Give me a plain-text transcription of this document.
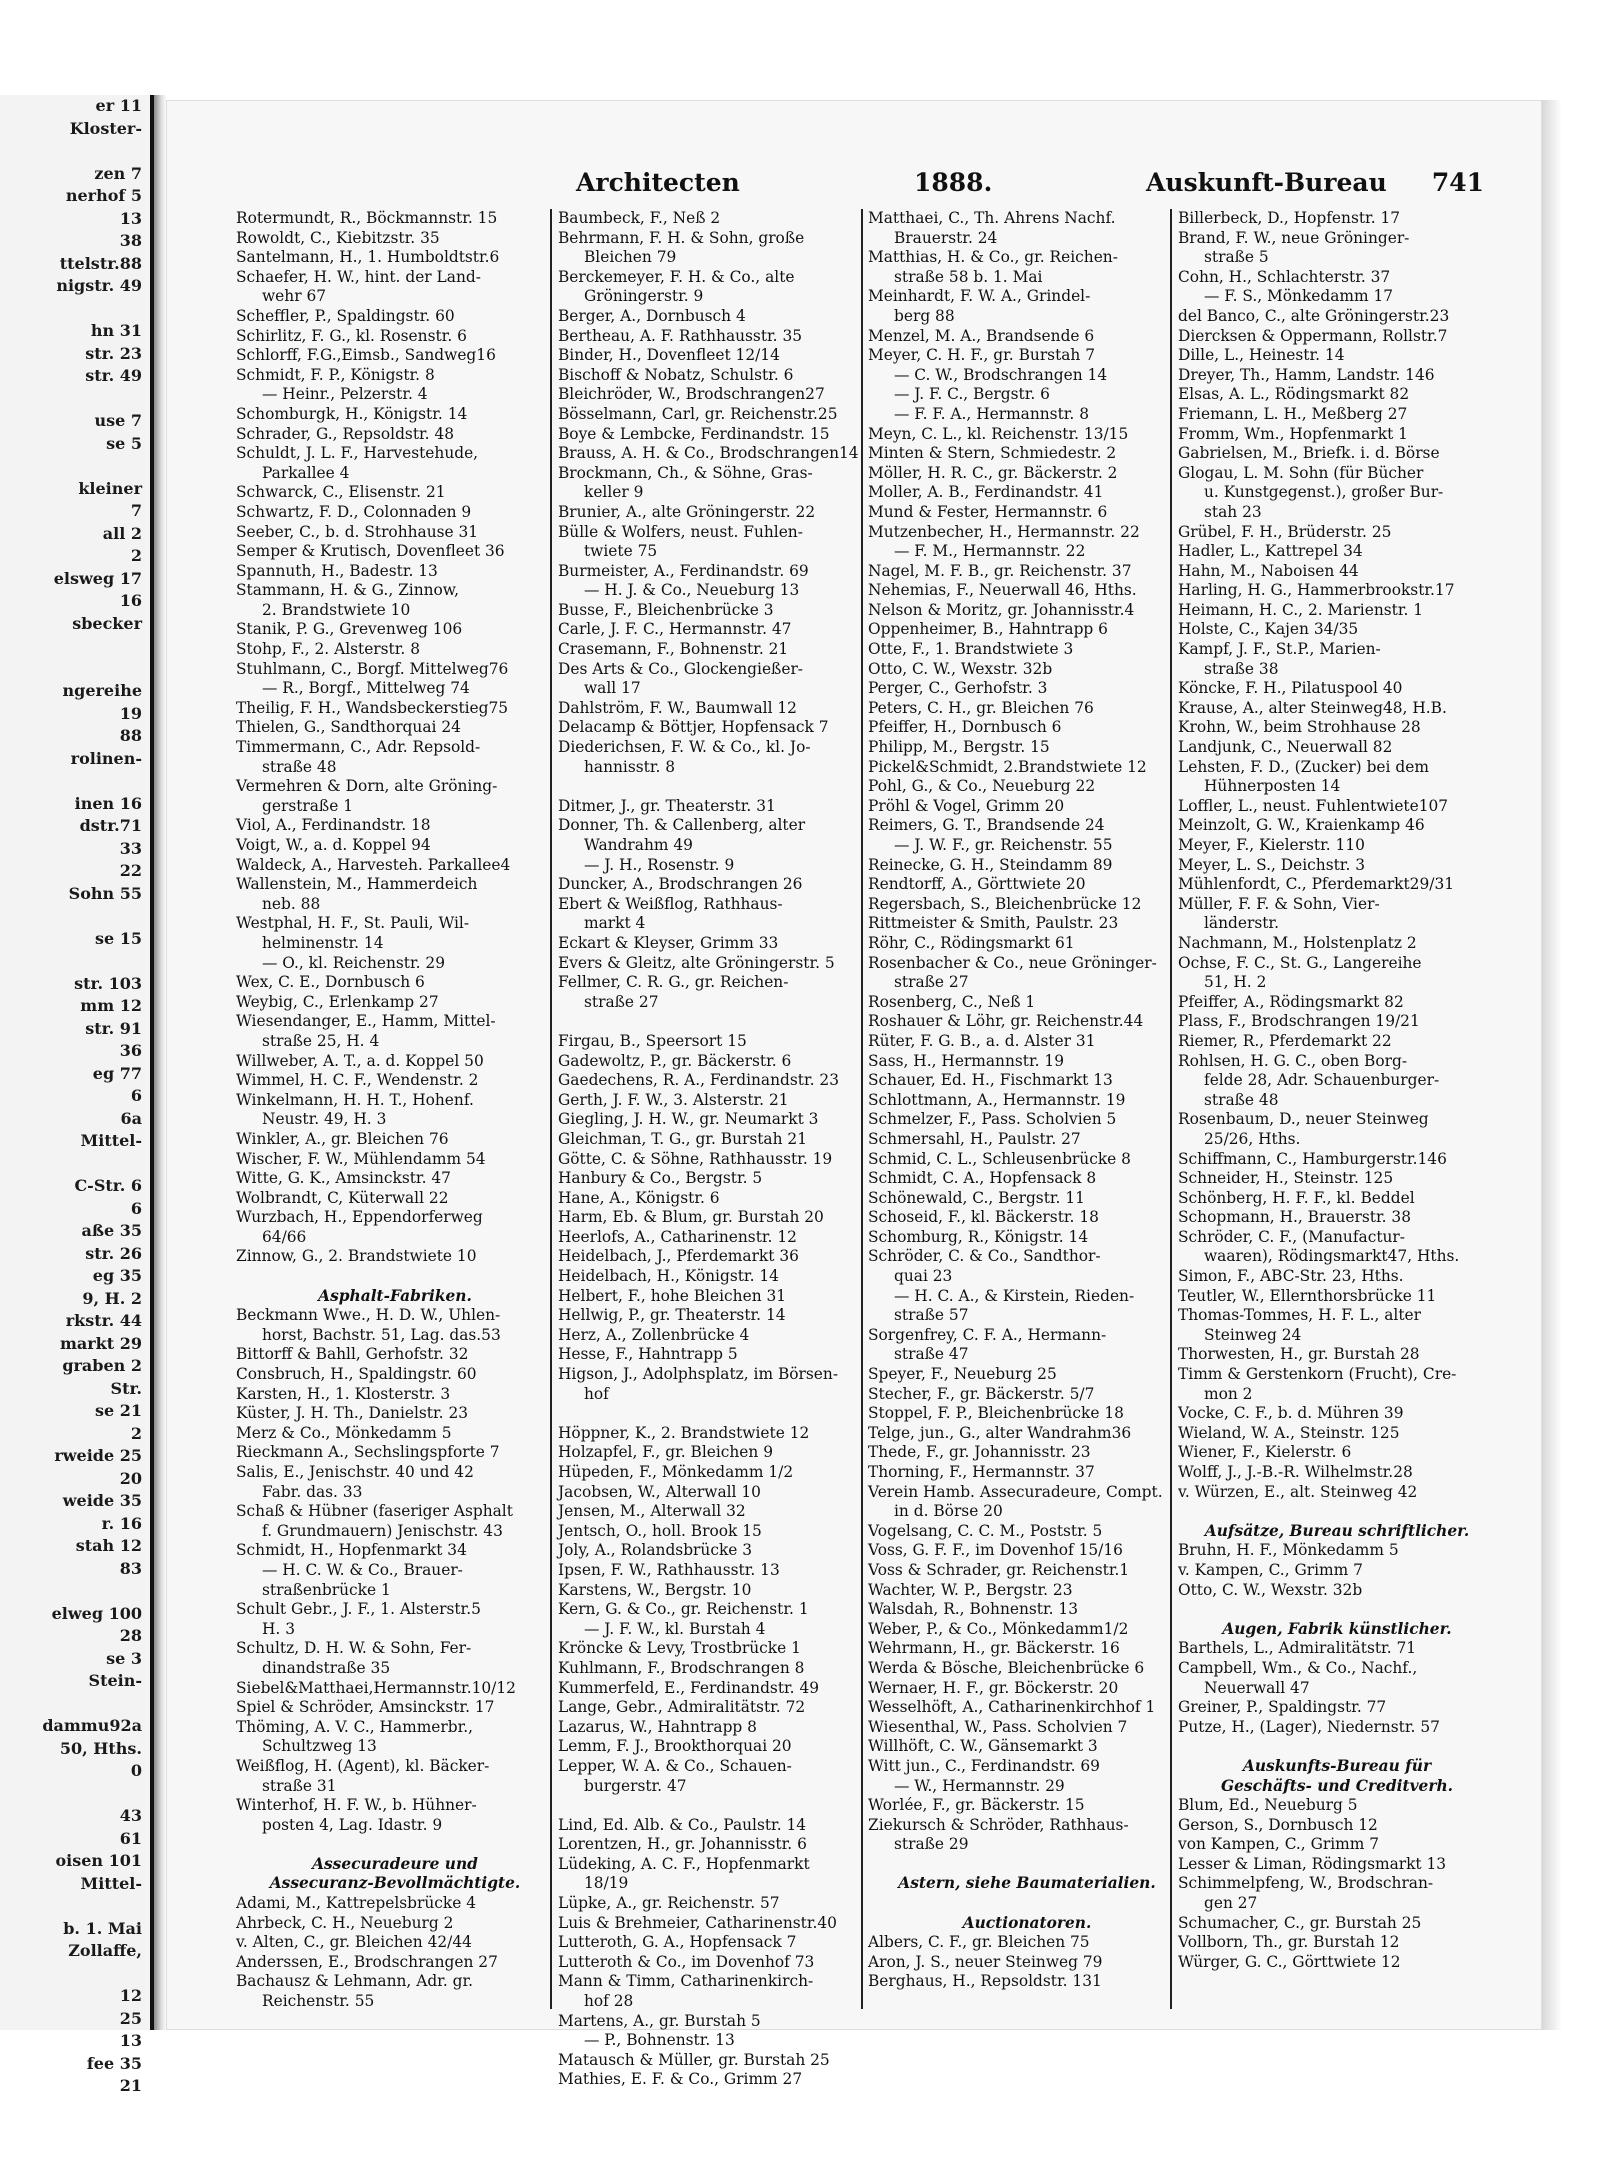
er 11
Kloster-

zen 7
nerhof 5
13
38
ttelstr.88
nigstr. 49

hn 31
str. 23
str. 49

use 7
se 5

kleiner
7
all 2
2
elsweg 17
16
sbecker

ngereihe
19
88
rolinen-

inen 16
dstr.71
33
22
Sohn 55

se 15

str. 103
mm 12
str. 91
36
eg 77
6
6a
Mittel-

C-Str. 6
6
aße 35
str. 26
eg 35
9, H. 2
rkstr. 44
markt 29
graben 2
Str.
se 21
2
rweide 25
20
weide 35
r. 16
stah 12
83

elweg 100
28
se 3
Stein-

dammu92a
50, Hths.
0

43
61
oisen 101
Mittel-

b. 1. Mai
Zollaffe,

12
25
13
fee 35
21
Architecten	1888.	Auskunft-Bureau 741
Rotermundt, R., Böckmannstr. 15
Rowoldt, C., Kiebitzstr. 35
Santelmann, H., 1. Humboldtstr.6
Schaefer, H. W., hint. der Land-
wehr 67
Scheffler, P., Spaldingstr. 60
Schirlitz, F. G., kl. Rosenstr. 6
Schlorff, F.G.,Eimsb., Sandweg16
Schmidt, F. P., Königstr. 8
— Heinr., Pelzerstr. 4
Schomburgk, H., Königstr. 14
Schrader, G., Repsoldstr. 48
Schuldt, J. L. F., Harvestehude,
Parkallee 4
Schwarck, C., Elisenstr. 21
Schwartz, F. D., Colonnaden 9
Seeber, C., b. d. Strohhause 31
Semper & Krutisch, Dovenfleet 36
Spannuth, H., Badestr. 13
Stammann, H. & G., Zinnow,
2. Brandstwiete 10
Stanik, P. G., Grevenweg 106
Stohp, F., 2. Alsterstr. 8
Stuhlmann, C., Borgf. Mittelweg76
— R., Borgf., Mittelweg 74
Theilig, F. H., Wandsbeckerstieg75
Thielen, G., Sandthorquai 24
Timmermann, C., Adr. Repsold-
straße 48
Vermehren & Dorn, alte Gröning-
gerstraße 1
Viol, A., Ferdinandstr. 18
Voigt, W., a. d. Koppel 94
Waldeck, A., Harvesteh. Parkallee4
Wallenstein, M., Hammerdeich
neb. 88
Westphal, H. F., St. Pauli, Wil-
helminenstr. 14
— O., kl. Reichenstr. 29
Wex, C. E., Dornbusch 6
Weybig, C., Erlenkamp 27
Wiesendanger, E., Hamm, Mittel-
straße 25, H. 4
Willweber, A. T., a. d. Koppel 50
Wimmel, H. C. F., Wendenstr. 2
Winkelmann, H. H. T., Hohenf.
Neustr. 49, H. 3
Winkler, A., gr. Bleichen 76
Wischer, F. W., Mühlendamm 54
Witte, G. K., Amsinckstr. 47
Wolbrandt, C, Küterwall 22
Wurzbach, H., Eppendorferweg
64/66
Zinnow, G., 2. Brandstwiete 10

Asphalt-Fabriken.
Beckmann Wwe., H. D. W., Uhlen-
horst, Bachstr. 51, Lag. das.53
Bittorff & Bahll, Gerhofstr. 32
Consbruch, H., Spaldingstr. 60
Karsten, H., 1. Klosterstr. 3
Küster, J. H. Th., Danielstr. 23
Merz & Co., Mönkedamm 5
Rieckmann A., Sechslingspforte 7
Salis, E., Jenischstr. 40 und 42
Fabr. das. 33
Schaß & Hübner (faseriger Asphalt
f. Grundmauern) Jenischstr. 43
Schmidt, H., Hopfenmarkt 34
— H. C. W. & Co., Brauer-
straßenbrücke 1
Schult Gebr., J. F., 1. Alsterstr.5
H. 3
Schultz, D. H. W. & Sohn, Fer-
dinandstraße 35
Siebel&Matthaei,Hermannstr.10/12
Spiel & Schröder, Amsinckstr. 17
Thöming, A. V. C., Hammerbr.,
Schultzweg 13
Weißflog, H. (Agent), kl. Bäcker-
straße 31
Winterhof, H. F. W., b. Hühner-
posten 4, Lag. Idastr. 9

Assecuradeure und
Assecuranz-Bevollmächtigte.
Adami, M., Kattrepelsbrücke 4
Ahrbeck, C. H., Neueburg 2
v. Alten, C., gr. Bleichen 42/44
Anderssen, E., Brodschrangen 27
Bachausz & Lehmann, Adr. gr.
Reichenstr. 55
Baumbeck, F., Neß 2
Behrmann, F. H. & Sohn, große
Bleichen 79
Berckemeyer, F. H. & Co., alte
Gröningerstr. 9
Berger, A., Dornbusch 4
Bertheau, A. F. Rathhausstr. 35
Binder, H., Dovenfleet 12/14
Bischoff & Nobatz, Schulstr. 6
Bleichröder, W., Brodschrangen27
Bösselmann, Carl, gr. Reichenstr.25
Boye & Lembcke, Ferdinandstr. 15
Brauss, A. H. & Co., Brodschrangen14
Brockmann, Ch., & Söhne, Gras-
keller 9
Brunier, A., alte Gröningerstr. 22
Bülle & Wolfers, neust. Fuhlen-
twiete 75
Burmeister, A., Ferdinandstr. 69
— H. J. & Co., Neueburg 13
Busse, F., Bleichenbrücke 3
Carle, J. F. C., Hermannstr. 47
Crasemann, F., Bohnenstr. 21
Des Arts & Co., Glockengießer-
wall 17
Dahlström, F. W., Baumwall 12
Delacamp & Böttjer, Hopfensack 7
Diederichsen, F. W. & Co., kl. Jo-
hannisstr. 8

Ditmer, J., gr. Theaterstr. 31
Donner, Th. & Callenberg, alter
Wandrahm 49
— J. H., Rosenstr. 9
Duncker, A., Brodschrangen 26
Ebert & Weißflog, Rathhaus-
markt 4
Eckart & Kleyser, Grimm 33
Evers & Gleitz, alte Gröningerstr. 5
Fellmer, C. R. G., gr. Reichen-
straße 27

Firgau, B., Speersort 15
Gadewoltz, P., gr. Bäckerstr. 6
Gaedechens, R. A., Ferdinandstr. 23
Gerth, J. F. W., 3. Alsterstr. 21
Giegling, J. H. W., gr. Neumarkt 3
Gleichman, T. G., gr. Burstah 21
Götte, C. & Söhne, Rathhausstr. 19
Hanbury & Co., Bergstr. 5
Hane, A., Königstr. 6
Harm, Eb. & Blum, gr. Burstah 20
Heerlofs, A., Catharinenstr. 12
Heidelbach, J., Pferdemarkt 36
Heidelbach, H., Königstr. 14
Helbert, F., hohe Bleichen 31
Hellwig, P., gr. Theaterstr. 14
Herz, A., Zollenbrücke 4
Hesse, F., Hahntrapp 5
Higson, J., Adolphsplatz, im Börsen-
hof

Höppner, K., 2. Brandstwiete 12
Holzapfel, F., gr. Bleichen 9
Hüpeden, F., Mönkedamm 1/2
Jacobsen, W., Alterwall 10
Jensen, M., Alterwall 32
Jentsch, O., holl. Brook 15
Joly, A., Rolandsbrücke 3
Ipsen, F. W., Rathhausstr. 13
Karstens, W., Bergstr. 10
Kern, G. & Co., gr. Reichenstr. 1
— J. F. W., kl. Burstah 4
Kröncke & Levy, Trostbrücke 1
Kuhlmann, F., Brodschrangen 8
Kummerfeld, E., Ferdinandstr. 49
Lange, Gebr., Admiralitätstr. 72
Lazarus, W., Hahntrapp 8
Lemm, F. J., Brookthorquai 20
Lepper, W. A. & Co., Schauen-
burgerstr. 47

Lind, Ed. Alb. & Co., Paulstr. 14
Lorentzen, H., gr. Johannisstr. 6
Lüdeking, A. C. F., Hopfenmarkt
18/19
Lüpke, A., gr. Reichenstr. 57
Luis & Brehmeier, Catharinenstr.40
Lutteroth, G. A., Hopfensack 7
Lutteroth & Co., im Dovenhof 73
Mann & Timm, Catharinenkirch-
hof 28
Martens, A., gr. Burstah 5
— P., Bohnenstr. 13
Matausch & Müller, gr. Burstah 25
Mathies, E. F. & Co., Grimm 27
Matthaei, C., Th. Ahrens Nachf.
Brauerstr. 24
Matthias, H. & Co., gr. Reichen-
straße 58 b. 1. Mai
Meinhardt, F. W. A., Grindel-
berg 88
Menzel, M. A., Brandsende 6
Meyer, C. H. F., gr. Burstah 7
— C. W., Brodschrangen 14
— J. F. C., Bergstr. 6
— F. F. A., Hermannstr. 8
Meyn, C. L., kl. Reichenstr. 13/15
Minten & Stern, Schmiedestr. 2
Möller, H. R. C., gr. Bäckerstr. 2
Moller, A. B., Ferdinandstr. 41
Mund & Fester, Hermannstr. 6
Mutzenbecher, H., Hermannstr. 22
— F. M., Hermannstr. 22
Nagel, M. F. B., gr. Reichenstr. 37
Nehemias, F., Neuerwall 46, Hths.
Nelson & Moritz, gr. Johannisstr.4
Oppenheimer, B., Hahntrapp 6
Otte, F., 1. Brandstwiete 3
Otto, C. W., Wexstr. 32b
Perger, C., Gerhofstr. 3
Peters, C. H., gr. Bleichen 76
Pfeiffer, H., Dornbusch 6
Philipp, M., Bergstr. 15
Pickel&Schmidt, 2.Brandstwiete 12
Pohl, G., & Co., Neueburg 22
Pröhl & Vogel, Grimm 20
Reimers, G. T., Brandsende 24
— J. W. F., gr. Reichenstr. 55
Reinecke, G. H., Steindamm 89
Rendtorff, A., Görttwiete 20
Regersbach, S., Bleichenbrücke 12
Rittmeister & Smith, Paulstr. 23
Röhr, C., Rödingsmarkt 61
Rosenbacher & Co., neue Gröninger-
straße 27
Rosenberg, C., Neß 1
Roshauer & Löhr, gr. Reichenstr.44
Rüter, F. G. B., a. d. Alster 31
Sass, H., Hermannstr. 19
Schauer, Ed. H., Fischmarkt 13
Schlottmann, A., Hermannstr. 19
Schmelzer, F., Pass. Scholvien 5
Schmersahl, H., Paulstr. 27
Schmid, C. L., Schleusenbrücke 8
Schmidt, C. A., Hopfensack 8
Schönewald, C., Bergstr. 11
Schoseid, F., kl. Bäckerstr. 18
Schomburg, R., Königstr. 14
Schröder, C. & Co., Sandthor-
quai 23
— H. C. A., & Kirstein, Rieden-
straße 57
Sorgenfrey, C. F. A., Hermann-
straße 47
Speyer, F., Neueburg 25
Stecher, F., gr. Bäckerstr. 5/7
Stoppel, F. P., Bleichenbrücke 18
Telge, jun., G., alter Wandrahm36
Thede, F., gr. Johannisstr. 23
Thorning, F., Hermannstr. 37
Verein Hamb. Assecuradeure, Compt.
in d. Börse 20
Vogelsang, C. C. M., Poststr. 5
Voss, G. F. F., im Dovenhof 15/16
Voss & Schrader, gr. Reichenstr.1
Wachter, W. P., Bergstr. 23
Walsdah, R., Bohnenstr. 13
Weber, P., & Co., Mönkedamm1/2
Wehrmann, H., gr. Bäckerstr. 16
Werda & Bösche, Bleichenbrücke 6
Wernaer, H. F., gr. Böckerstr. 20
Wesselhöft, A., Catharinenkirchhof 1
Wiesenthal, W., Pass. Scholvien 7
Willhöft, C. W., Gänsemarkt 3
Witt jun., C., Ferdinandstr. 69
— W., Hermannstr. 29
Worlée, F., gr. Bäckerstr. 15
Ziekursch & Schröder, Rathhaus-
straße 29

Astern, siehe Baumaterialien.

Auctionatoren.
Albers, C. F., gr. Bleichen 75
Aron, J. S., neuer Steinweg 79
Berghaus, H., Repsoldstr. 131
Billerbeck, D., Hopfenstr. 17
Brand, F. W., neue Gröninger-
straße 5
Cohn, H., Schlachterstr. 37
— F. S., Mönkedamm 17
del Banco, C., alte Gröningerstr.23
Diercksen & Oppermann, Rollstr.7
Dille, L., Heinestr. 14
Dreyer, Th., Hamm, Landstr. 146
Elsas, A. L., Rödingsmarkt 82
Friemann, L. H., Meßberg 27
Fromm, Wm., Hopfenmarkt 1
Gabrielsen, M., Briefk. i. d. Börse
Glogau, L. M. Sohn (für Bücher
u. Kunstgegenst.), großer Bur-
stah 23
Grübel, F. H., Brüderstr. 25
Hadler, L., Kattrepel 34
Hahn, M., Naboisen 44
Harling, H. G., Hammerbrookstr.17
Heimann, H. C., 2. Marienstr. 1
Holste, C., Kajen 34/35
Kampf, J. F., St.P., Marien-
straße 38
Köncke, F. H., Pilatuspool 40
Krause, A., alter Steinweg48, H.B.
Krohn, W., beim Strohhause 28
Landjunk, C., Neuerwall 82
Lehsten, F. D., (Zucker) bei dem
Hühnerposten 14
Loffler, L., neust. Fuhlentwiete107
Meinzolt, G. W., Kraienkamp 46
Meyer, F., Kielerstr. 110
Meyer, L. S., Deichstr. 3
Mühlenfordt, C., Pferdemarkt29/31
Müller, F. F. & Sohn, Vier-
länderstr.
Nachmann, M., Holstenplatz 2
Ochse, F. C., St. G., Langereihe
51, H. 2
Pfeiffer, A., Rödingsmarkt 82
Plass, F., Brodschrangen 19/21
Riemer, R., Pferdemarkt 22
Rohlsen, H. G. C., oben Borg-
felde 28, Adr. Schauenburger-
straße 48
Rosenbaum, D., neuer Steinweg
25/26, Hths.
Schiffmann, C., Hamburgerstr.146
Schneider, H., Steinstr. 125
Schönberg, H. F. F., kl. Beddel
Schopmann, H., Brauerstr. 38
Schröder, C. F., (Manufactur-
waaren), Rödingsmarkt47, Hths.
Simon, F., ABC-Str. 23, Hths.
Teutler, W., Ellernthorsbrücke 11
Thomas-Tommes, H. F. L., alter
Steinweg 24
Thorwesten, H., gr. Burstah 28
Timm & Gerstenkorn (Frucht), Cre-
mon 2
Vocke, C. F., b. d. Mühren 39
Wieland, W. A., Steinstr. 125
Wiener, F., Kielerstr. 6
Wolff, J., J.-B.-R. Wilhelmstr.28
v. Würzen, E., alt. Steinweg 42

Aufsätze, Bureau schriftlicher.
Bruhn, H. F., Mönkedamm 5
v. Kampen, C., Grimm 7
Otto, C. W., Wexstr. 32b

Augen, Fabrik künstlicher.
Barthels, L., Admiralitätstr. 71
Campbell, Wm., & Co., Nachf.,
Neuerwall 47
Greiner, P., Spaldingstr. 77
Putze, H., (Lager), Niedernstr. 57

Auskunfts-Bureau für
Geschäfts- und Creditverh.
Blum, Ed., Neueburg 5
Gerson, S., Dornbusch 12
von Kampen, C., Grimm 7
Lesser & Liman, Rödingsmarkt 13
Schimmelpfeng, W., Brodschran-
gen 27
Schumacher, C., gr. Burstah 25
Vollborn, Th., gr. Burstah 12
Würger, G. C., Görttwiete 12
